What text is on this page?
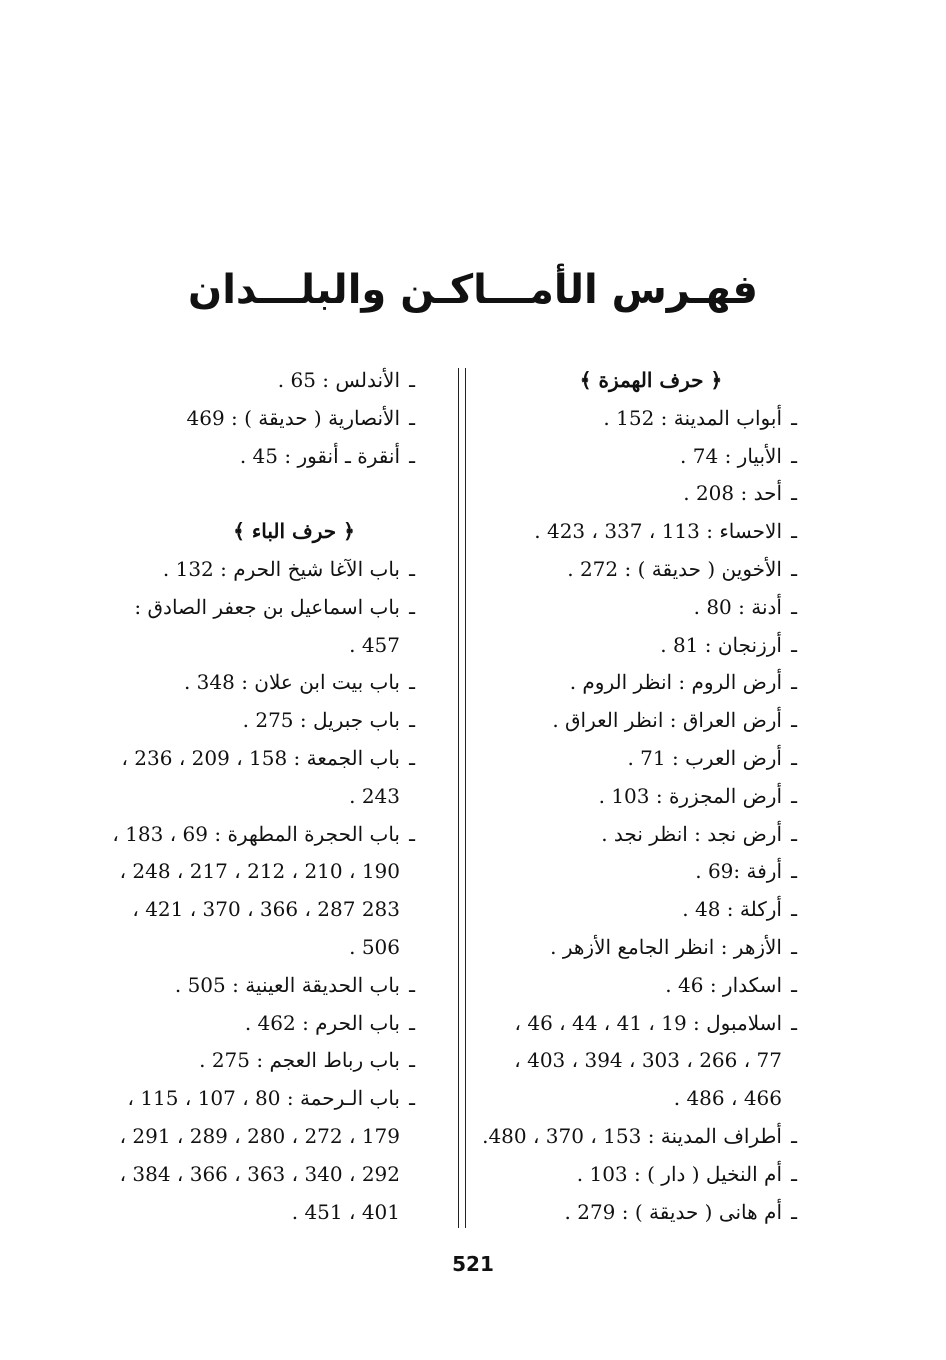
فهـرس الأمـــاكـن والبلـــدان
﴿ حرف الهمزة ﴾
ـأبواب المدينة : 152 .
ـالأبيار : 74 .
ـأحد : 208 .
ـالاحساء : 113 ، 337 ، 423 .
ـالأخوين ( حديقة ) : 272 .
ـأدنة : 80 .
ـأرزنجان : 81 .
ـأرض الروم : انظر الروم .
ـأرض العراق : انظر العراق .
ـأرض العرب : 71 .
ـأرض المجزرة : 103 .
ـأرض نجد : انظر نجد .
ـأرفة :69 .
ـأركلة : 48 .
ـالأزهر : انظر الجامع الأزهر .
ـاسكدار : 46 .
ـاسلامبول : 19 ، 41 ، 44 ، 46 ،
77 ، 266 ، 303 ، 394 ، 403 ،
466 ، 486 .
ـأطراف المدينة : 153 ، 370 ، 480.
ـأم النخيل ( دار ) : 103 .
ـأم هانى ( حديقة ) : 279 .
ـالأندلس : 65 .
ـالأنصارية ( حديقة ) : 469
ـأنقرة ـ أنقور : 45 .
﴿ حرف الباء ﴾
ـباب الآغا شيخ الحرم : 132 .
ـباب اسماعيل بن جعفر الصادق :
457 .
ـباب بيت ابن علان : 348 .
ـباب جبريل : 275 .
ـباب الجمعة : 158 ، 209 ، 236 ،
243 .
ـباب الحجرة المطهرة : 69 ، 183 ،
190 ، 210 ، 212 ، 217 ، 248 ،
283 287 ، 366 ، 370 ، 421 ،
506 .
ـباب الحديقة العينية : 505 .
ـباب الحرم : 462 .
ـباب رباط العجم : 275 .
ـباب الـرحمة : 80 ، 107 ، 115 ،
179 ، 272 ، 280 ، 289 ، 291 ،
292 ، 340 ، 363 ، 366 ، 384 ،
401 ، 451 .
521
